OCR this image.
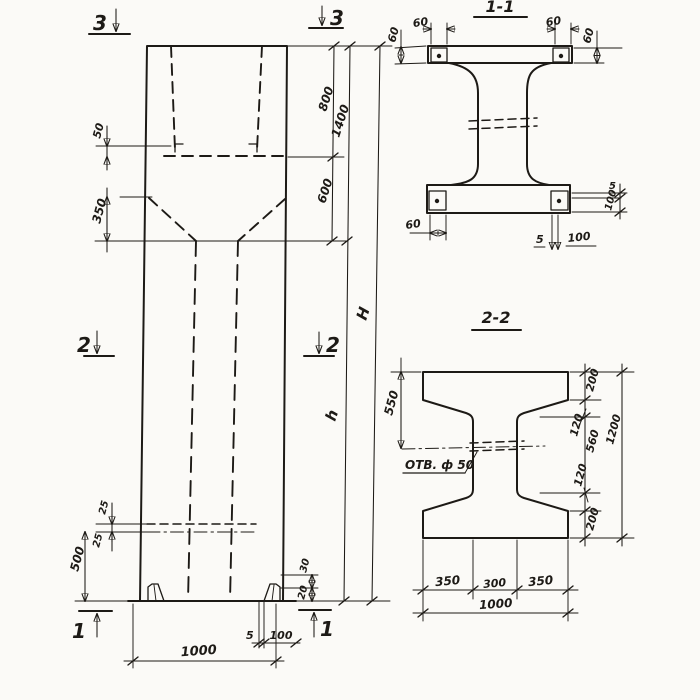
50
350
25
25
500	30
20
5 100
1000
800
600
1400
h
H
3	3
2	2
1	1
1-1
60
60
60
60
60
5 100
5
100
2-2
ОТВ. ф 50
550
200
120
560
120
200
1200
350 300 350
1000
